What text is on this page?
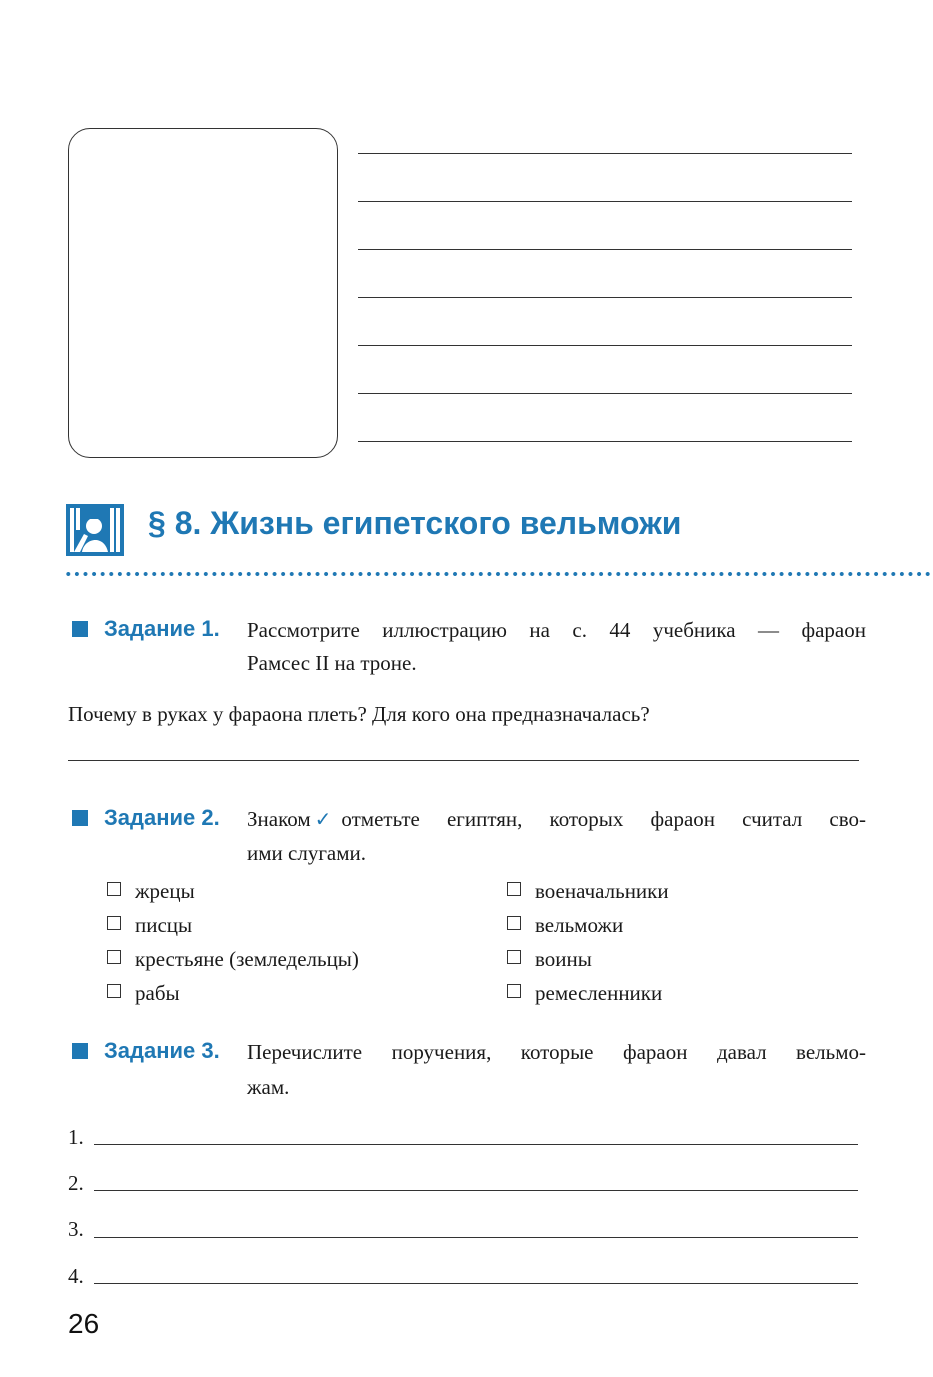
§ 8. Жизнь египетского вельможи
Задание 1. Рассмотрите иллюстрацию на с. 44 учебника — фараон
Рамсес II на троне.
Почему в руках у фараона плеть? Для кого она предназначалась?
Задание 2. Знаком ✓ отметьте египтян, которых фараон считал сво-
ими слугами.
жрецы
писцы
крестьяне (земледельцы)
рабы
военачальники
вельможи
воины
ремесленники
Задание 3. Перечислите поручения, которые фараон давал вельмо-
жам.
1.
2.
3.
4.
26
